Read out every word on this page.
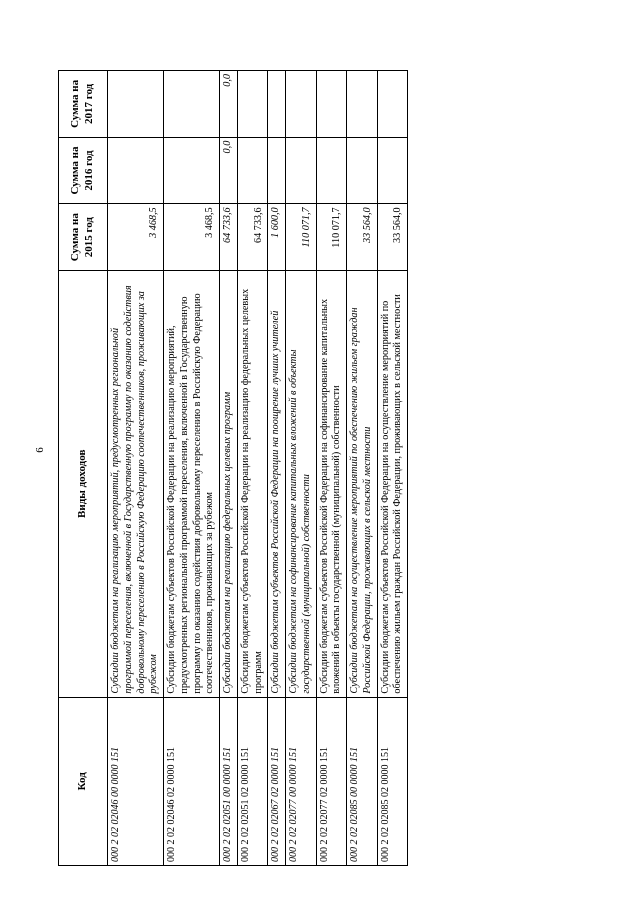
6
Код	Виды доходов	Сумма на 2015 год	Сумма на 2016 год	Сумма на 2017 год
000 2 02 02046 00 0000 151	Субсидии бюджетам на реализацию мероприятий, предусмотренных региональной программой переселения, включенной в Государственную программу по оказанию содействия добровольному переселению в Российскую Федерацию соотечественников, проживающих за рубежом	3 468,5		
000 2 02 02046 02 0000 151	Субсидии бюджетам субъектов Российской Федерации на реализацию мероприятий, предусмотренных региональной программой переселения, включенной в Государственную программу по оказанию содействия добровольному переселению в Российскую Федерацию соотечественников, проживающих за рубежом	3 468,5		
000 2 02 02051 00 0000 151	Субсидии бюджетам на реализацию федеральных целевых программ	64 733,6	0,0	0,0
000 2 02 02051 02 0000 151	Субсидии бюджетам субъектов Российской Федерации на реализацию федеральных целевых программ	64 733,6		
000 2 02 02067 02 0000 151	Субсидии бюджетам субъектов Российской Федерации на поощрение лучших учителей	1 600,0		
000 2 02 02077 00 0000 151	Субсидии бюджетам на софинансирование капитальных вложений в объекты государственной (муниципальной) собственности	110 071,7		
000 2 02 02077 02 0000 151	Субсидии бюджетам субъектов Российской Федерации на софинансирование капитальных вложений в объекты государственной (муниципальной) собственности	110 071,7		
000 2 02 02085 00 0000 151	Субсидии бюджетам на осуществление мероприятий по обеспечению жильем граждан Российской Федерации, проживающих в сельской местности	33 564,0		
000 2 02 02085 02 0000 151	Субсидии бюджетам субъектов Российской Федерации на осуществление мероприятий по обеспечению жильем граждан Российской Федерации, проживающих в сельской местности	33 564,0		
